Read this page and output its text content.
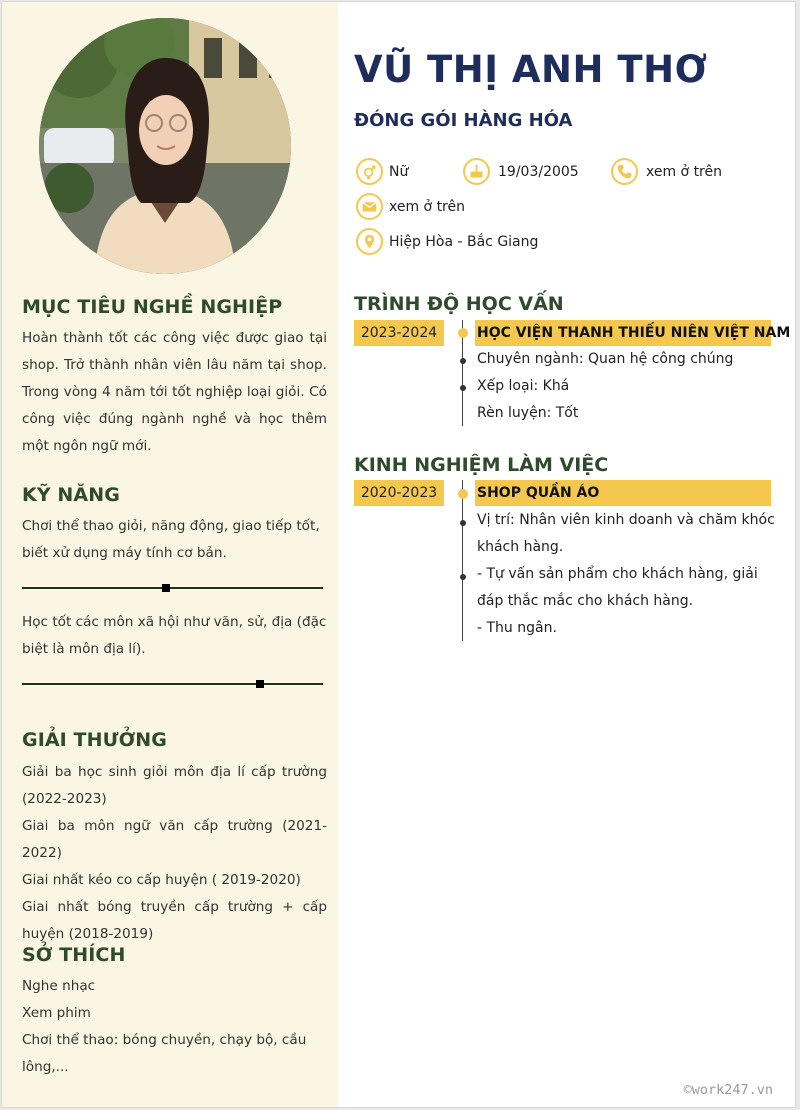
MỤC TIÊU NGHỀ NGHIỆP

Hoàn thành tốt các công việc được giao tại shop. Trở thành nhân viên lâu năm tại shop. Trong vòng 4 năm tới tốt nghiệp loại giỏi. Có công việc đúng ngành nghề và học thêm một ngôn ngữ mới.

KỸ NĂNG

Chơi thể thao giỏi, năng động, giao tiếp tốt, biết xử dụng máy tính cơ bản.

Học tốt các môn xã hội như văn, sử, địa (đặc biệt là môn địa lí).

GIẢI THƯỞNG
Giải ba học sinh giỏi môn địa lí cấp trường (2022-2023)
Giai ba môn ngữ văn cấp trường (2021-2022)
Giai nhất kéo co cấp huyện ( 2019-2020)
Giai nhất bóng truyền cấp trường + cấp huyện (2018-2019)
SỞ THÍCH
Nghe nhạc
Xem phim
Chơi thể thao: bóng chuyền, chạy bộ, cầu lông,...
VŨ THỊ ANH THƠ
ĐÓNG GÓI HÀNG HÓA
Nữ	19/03/2005	xem ở trên
xem ở trên
Hiệp Hòa - Bắc Giang
TRÌNH ĐỘ HỌC VẤN
2023-2024	HỌC VIỆN THANH THIẾU NIÊN VIỆT NAM
Chuyên ngành: Quan hệ công chúng
Xếp loại: Khá
Rèn luyện: Tốt
KINH NGHIỆM LÀM VIỆC
2020-2023	SHOP QUẦN ÁO
Vị trí: Nhân viên kinh doanh và chăm khóc khách hàng.
- Tự vấn sản phẩm cho khách hàng, giải đáp thắc mắc cho khách hàng.
- Thu ngân.
©work247.vn
